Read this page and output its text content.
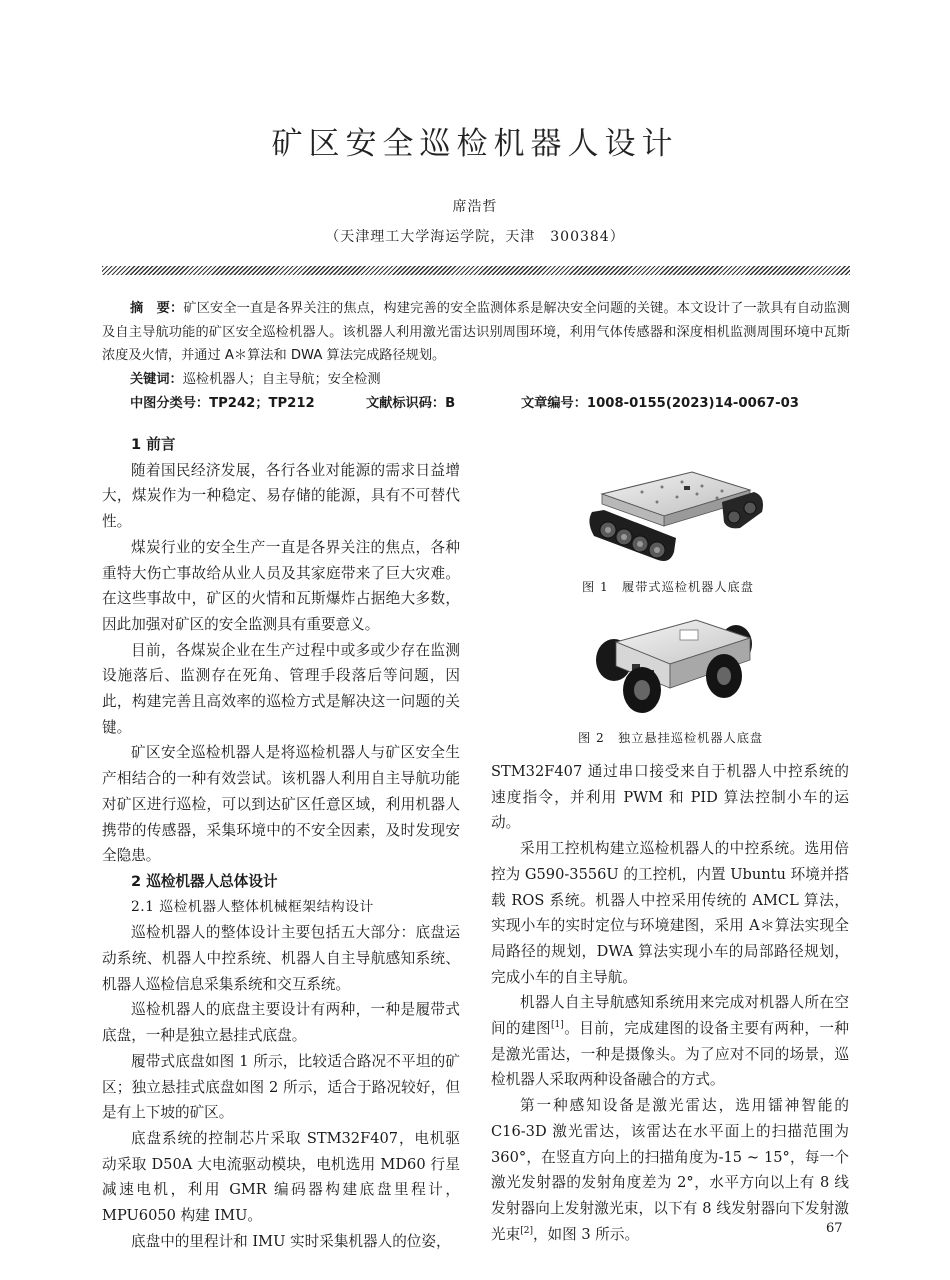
矿区安全巡检机器人设计
席浩哲
（天津理工大学海运学院，天津　300384）
摘　要：矿区安全一直是各界关注的焦点，构建完善的安全监测体系是解决安全问题的关键。本文设计了一款具有自动监测及自主导航功能的矿区安全巡检机器人。该机器人利用激光雷达识别周围环境，利用气体传感器和深度相机监测周围环境中瓦斯浓度及火情，并通过 A＊算法和 DWA 算法完成路径规划。
关键词：巡检机器人；自主导航；安全检测
中图分类号：TP242；TP212	文献标识码：B	文章编号：1008-0155(2023)14-0067-03
1 前言

随着国民经济发展，各行各业对能源的需求日益增大，煤炭作为一种稳定、易存储的能源，具有不可替代性。

煤炭行业的安全生产一直是各界关注的焦点，各种重特大伤亡事故给从业人员及其家庭带来了巨大灾难。在这些事故中，矿区的火情和瓦斯爆炸占据绝大多数，因此加强对矿区的安全监测具有重要意义。

目前，各煤炭企业在生产过程中或多或少存在监测设施落后、监测存在死角、管理手段落后等问题，因此，构建完善且高效率的巡检方式是解决这一问题的关键。

矿区安全巡检机器人是将巡检机器人与矿区安全生产相结合的一种有效尝试。该机器人利用自主导航功能对矿区进行巡检，可以到达矿区任意区域，利用机器人携带的传感器，采集环境中的不安全因素，及时发现安全隐患。

2 巡检机器人总体设计
2.1 巡检机器人整体机械框架结构设计

巡检机器人的整体设计主要包括五大部分：底盘运动系统、机器人中控系统、机器人自主导航感知系统、机器人巡检信息采集系统和交互系统。

巡检机器人的底盘主要设计有两种，一种是履带式底盘，一种是独立悬挂式底盘。

履带式底盘如图 1 所示，比较适合路况不平坦的矿区；独立悬挂式底盘如图 2 所示，适合于路况较好，但是有上下坡的矿区。

底盘系统的控制芯片采取 STM32F407，电机驱动采取 D50A 大电流驱动模块，电机选用 MD60 行星减速电机，利用 GMR 编码器构建底盘里程计，MPU6050 构建 IMU。

底盘中的里程计和 IMU 实时采集机器人的位姿，

图 1　履带式巡检机器人底盘
图 2　独立悬挂巡检机器人底盘

STM32F407 通过串口接受来自于机器人中控系统的速度指令，并利用 PWM 和 PID 算法控制小车的运动。

采用工控机构建立巡检机器人的中控系统。选用倍控为 G590-3556U 的工控机，内置 Ubuntu 环境并搭载 ROS 系统。机器人中控采用传统的 AMCL 算法，实现小车的实时定位与环境建图，采用 A＊算法实现全局路径的规划，DWA 算法实现小车的局部路径规划，完成小车的自主导航。

机器人自主导航感知系统用来完成对机器人所在空间的建图[1]。目前，完成建图的设备主要有两种，一种是激光雷达，一种是摄像头。为了应对不同的场景，巡检机器人采取两种设备融合的方式。

第一种感知设备是激光雷达，选用镭神智能的 C16-3D 激光雷达，该雷达在水平面上的扫描范围为 360°，在竖直方向上的扫描角度为-15 ~ 15°，每一个激光发射器的发射角度差为 2°，水平方向以上有 8 线发射器向上发射激光束，以下有 8 线发射器向下发射激光束[2]，如图 3 所示。	67
